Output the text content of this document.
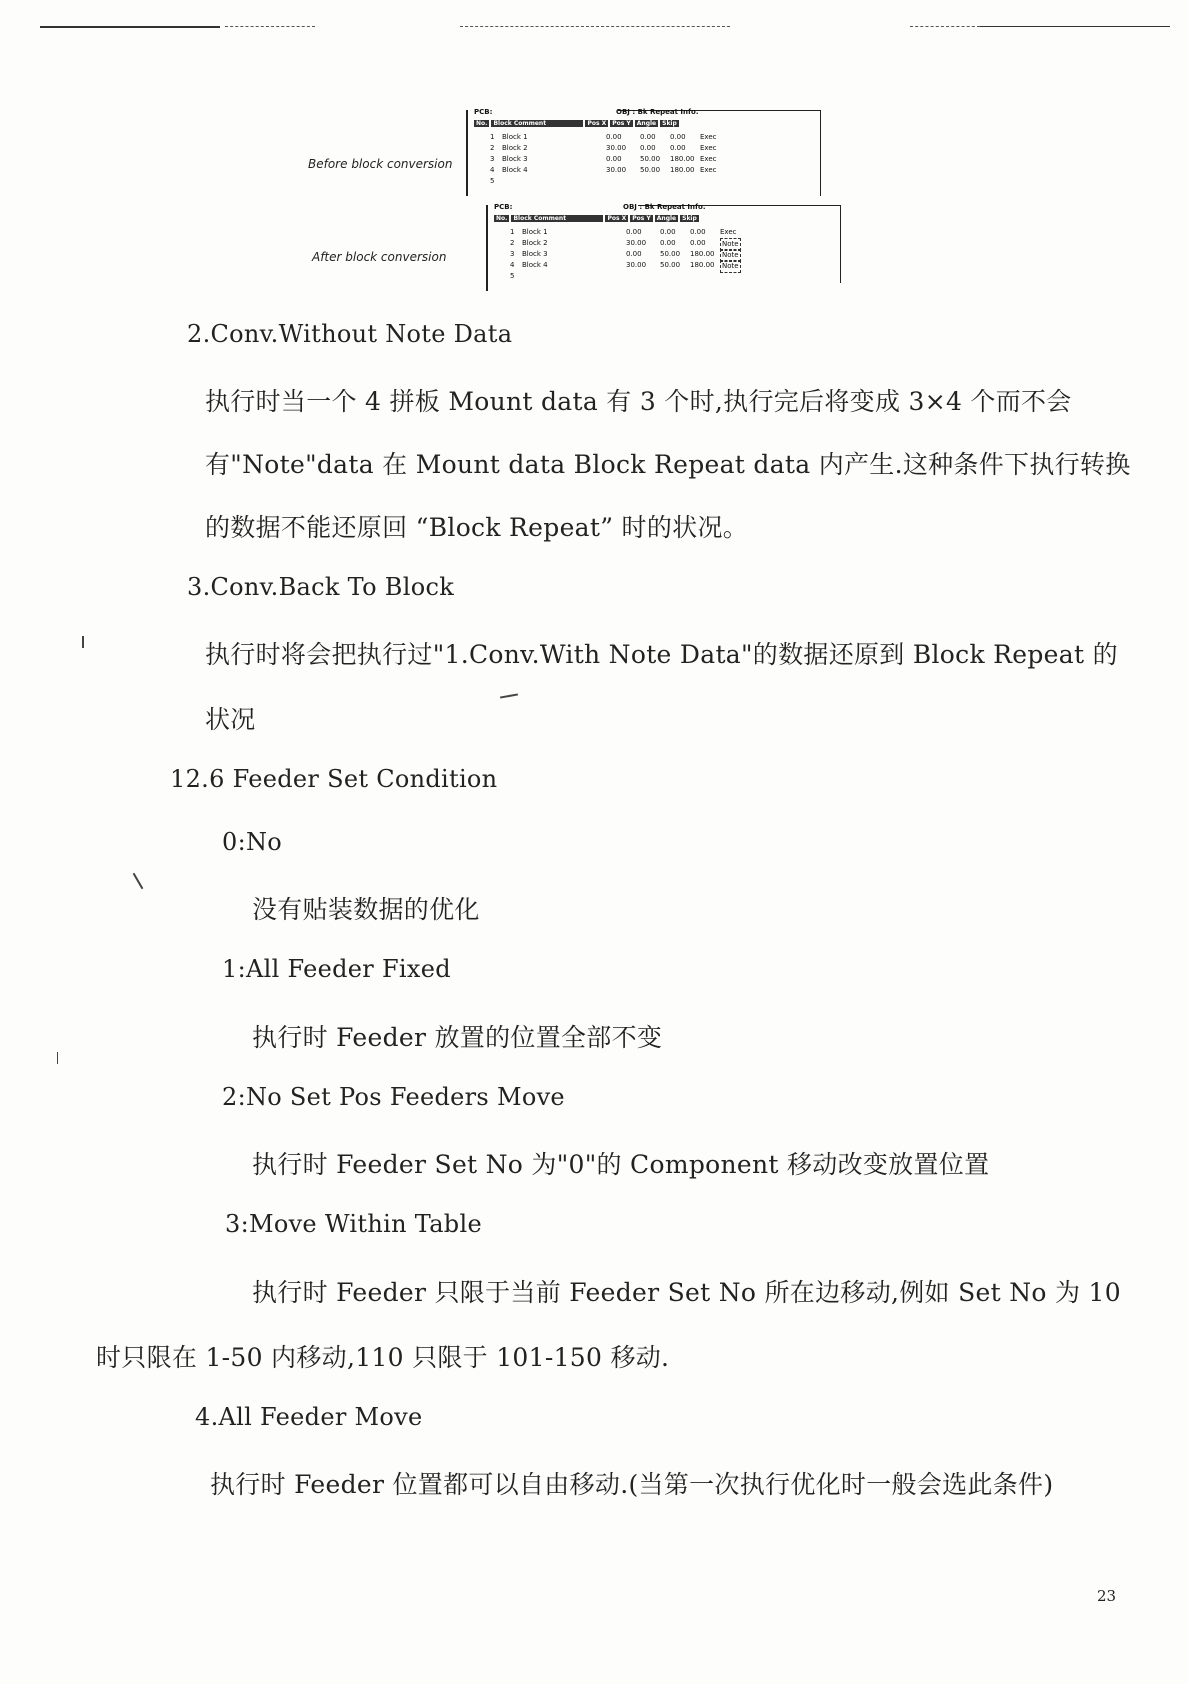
Before block conversion
After block conversion
PCB:	OBJ : Bk Repeat Info.
No.	Block Comment	Pos X	Pos Y	Angle	Skip
1 Block 1	0.00	0.00 0.00 Exec
2 Block 2	30.00 0.00 0.00 Exec
3 Block 3	0.00	50.00 180.00 Exec
4 Block 4	30.00 50.00 180.00 Exec
5
PCB:	OBJ : Bk Repeat Info.
No.	Block Comment	Pos X	Pos Y	Angle	Skip
1 Block 1	0.00	0.00 0.00 Exec
2 Block 2	30.00 0.00 0.00 Note
3 Block 3	0.00	50.00 180.00 Note
4 Block 4	30.00 50.00 180.00 Note
5
2.Conv.Without Note Data
执行时当一个 4 拼板 Mount data 有 3 个时,执行完后将变成 3×4 个而不会
有"Note"data 在 Mount data Block Repeat data 内产生.这种条件下执行转换
的数据不能还原回 “Block Repeat” 时的状况。
3.Conv.Back To Block
执行时将会把执行过"1.Conv.With Note Data"的数据还原到 Block Repeat 的
状况
12.6 Feeder Set Condition
0:No
没有贴装数据的优化
1:All Feeder Fixed
执行时 Feeder 放置的位置全部不变
2:No Set Pos Feeders Move
执行时 Feeder Set No 为"0"的 Component 移动改变放置位置
3:Move Within Table
执行时 Feeder 只限于当前 Feeder Set No 所在边移动,例如 Set No 为 10
时只限在 1-50 内移动,110 只限于 101-150 移动.
4.All Feeder Move
执行时 Feeder 位置都可以自由移动.(当第一次执行优化时一般会选此条件)
23
